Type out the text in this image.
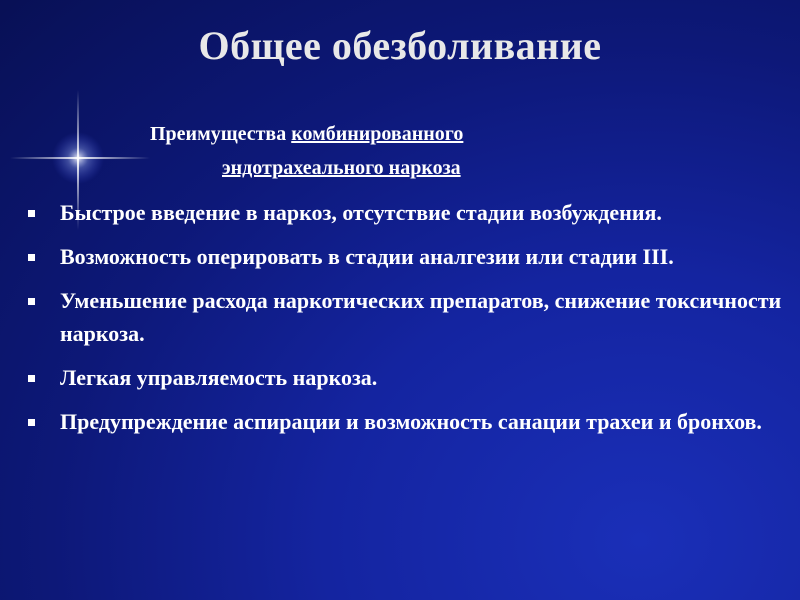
Общее обезболивание
Преимущества комбинированного
эндотрахеального наркоза
Быстрое введение в наркоз, отсутствие стадии возбуждения.
Возможность оперировать в стадии аналгезии или стадии III.
Уменьшение расхода наркотических препаратов, снижение токсичности наркоза.
Легкая управляемость наркоза.
Предупреждение аспирации и возможность санации трахеи и бронхов.
